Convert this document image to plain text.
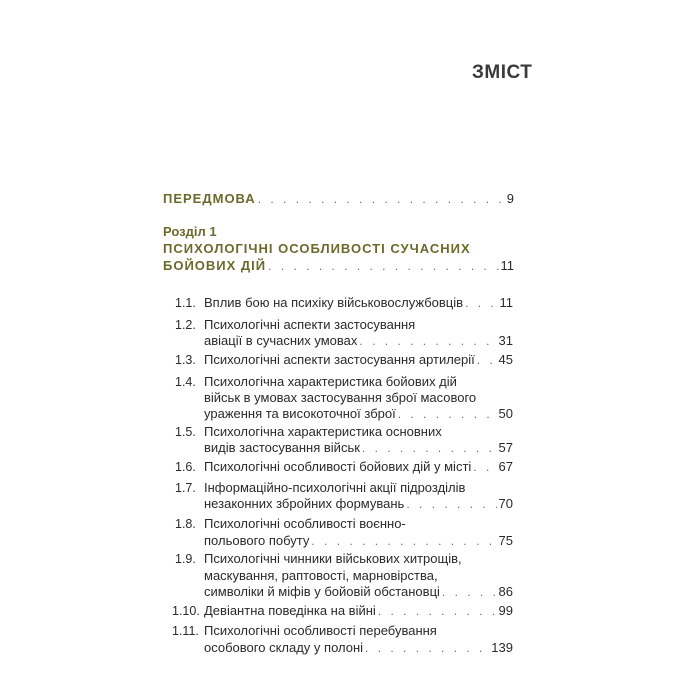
ЗМІСТ
ПЕРЕДМОВА . . .	9
Розділ 1
ПСИХОЛОГІЧНІ ОСОБЛИВОСТІ СУЧАСНИХ
БОЙОВИХ ДІЙ . . .	11
1.1. Вплив бою на психіку військовослужбовців . . .	11
1.2. Психологічні аспекти застосування
авіації в сучасних умовах . . .	31
1.3. Психологічні аспекти застосування артилерії . . . 45
1.4. Психологічна характеристика бойових дій
військ в умовах застосування зброї масового
ураження та високоточної зброї . . .	50
1.5. Психологічна характеристика основних
видів застосування військ . . .	57
1.6. Психологічні особливості бойових дій у місті . . . 67
1.7. Інформаційно-психологічні акції підрозділів
незаконних збройних формувань . . .	70
1.8. Психологічні особливості воєнно-
польового побуту . . .	75
1.9. Психологічні чинники військових хитрощів,
маскування, раптовості, марновірства,
символіки й міфів у бойовій обстановці . . .	86
1.10. Девіантна поведінка на війні . . .	99
1.11. Психологічні особливості перебування
особового складу у полоні . . .	139
